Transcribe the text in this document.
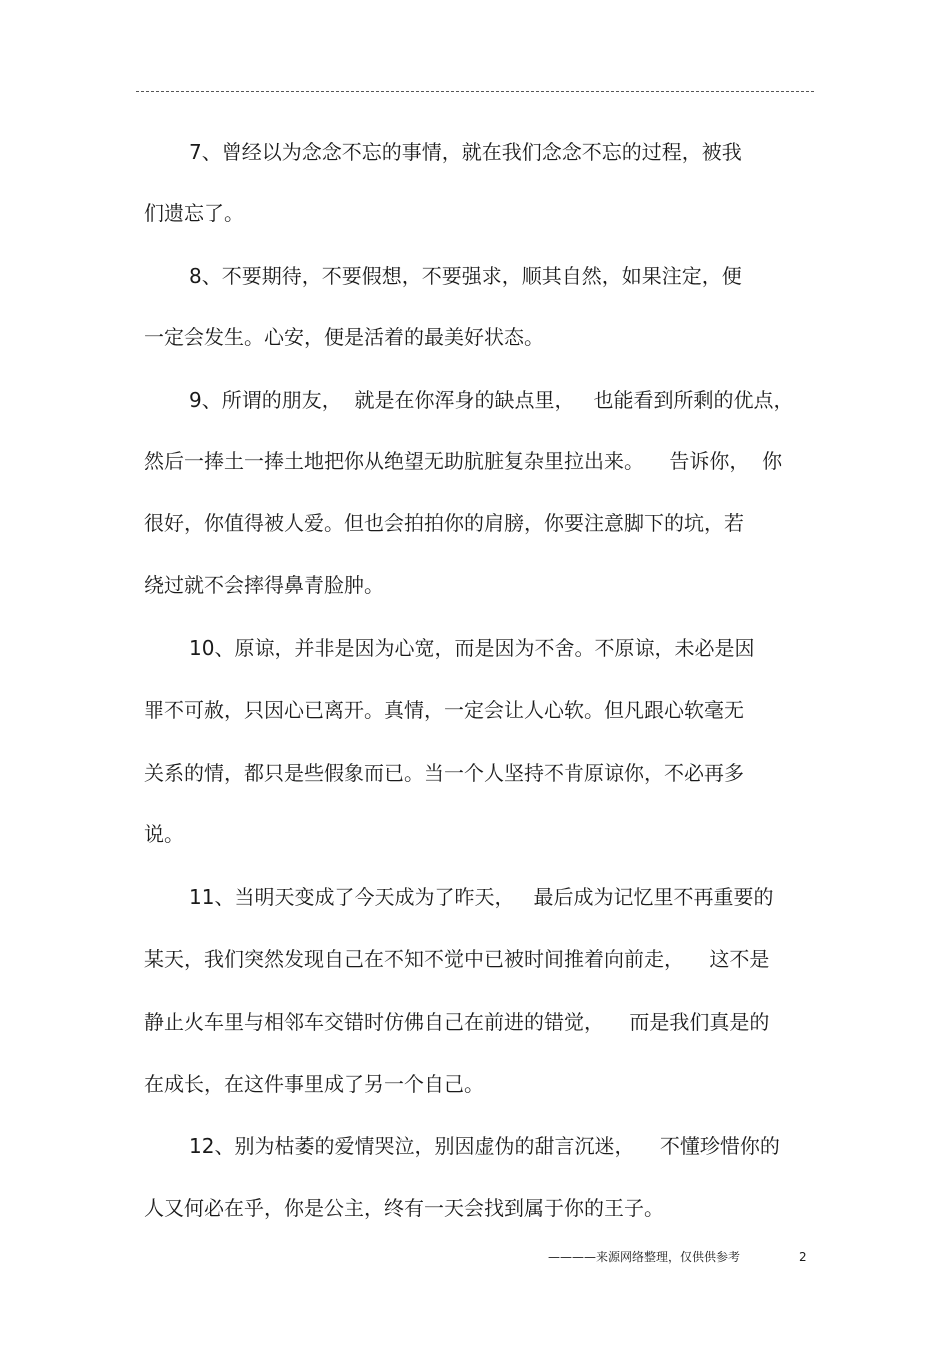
7、曾经以为念念不忘的事情，就在我们念念不忘的过程，被我
们遗忘了。
8、不要期待，不要假想，不要强求，顺其自然，如果注定，便
一定会发生。心安，便是活着的最美好状态。
9、所谓的朋友，  就是在你浑身的缺点里，   也能看到所剩的优点，
然后一捧土一捧土地把你从绝望无助肮脏复杂里拉出来。    告诉你，  你
很好，你值得被人爱。但也会拍拍你的肩膀，你要注意脚下的坑，若
绕过就不会摔得鼻青脸肿。
10、原谅，并非是因为心宽，而是因为不舍。不原谅，未必是因
罪不可赦，只因心已离开。真情，一定会让人心软。但凡跟心软毫无
关系的情，都只是些假象而已。当一个人坚持不肯原谅你，不必再多
说。
11、当明天变成了今天成为了昨天，   最后成为记忆里不再重要的
某天，我们突然发现自己在不知不觉中已被时间推着向前走，    这不是
静止火车里与相邻车交错时仿佛自己在前进的错觉，    而是我们真是的
在成长，在这件事里成了另一个自己。
12、别为枯萎的爱情哭泣，别因虚伪的甜言沉迷，    不懂珍惜你的
人又何必在乎，你是公主，终有一天会找到属于你的王子。
————来源网络整理，仅供供参考	2
